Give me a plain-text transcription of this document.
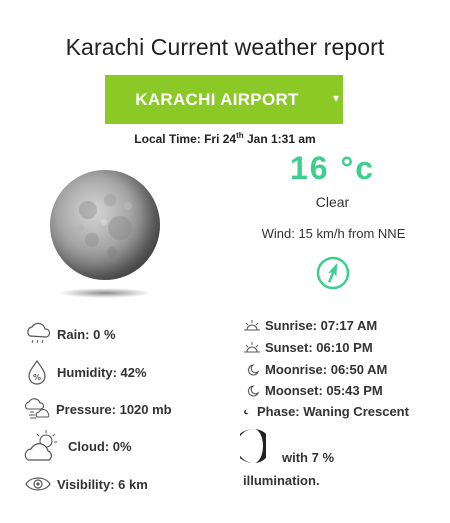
Karachi Current weather report
KARACHI AIRPORT	▾
Local Time: Fri 24th Jan 1:31 am
16 °c
Clear
Wind: 15 km/h from NNE
Rain: 0 %
% Humidity: 42%
Pressure: 1020 mb
Cloud: 0%
Visibility: 6 km
Sunrise: 07:17 AM
Sunset: 06:10 PM
Moonrise: 06:50 AM
Moonset: 05:43 PM
Phase: Waning Crescent
with 7 %
illumination.
